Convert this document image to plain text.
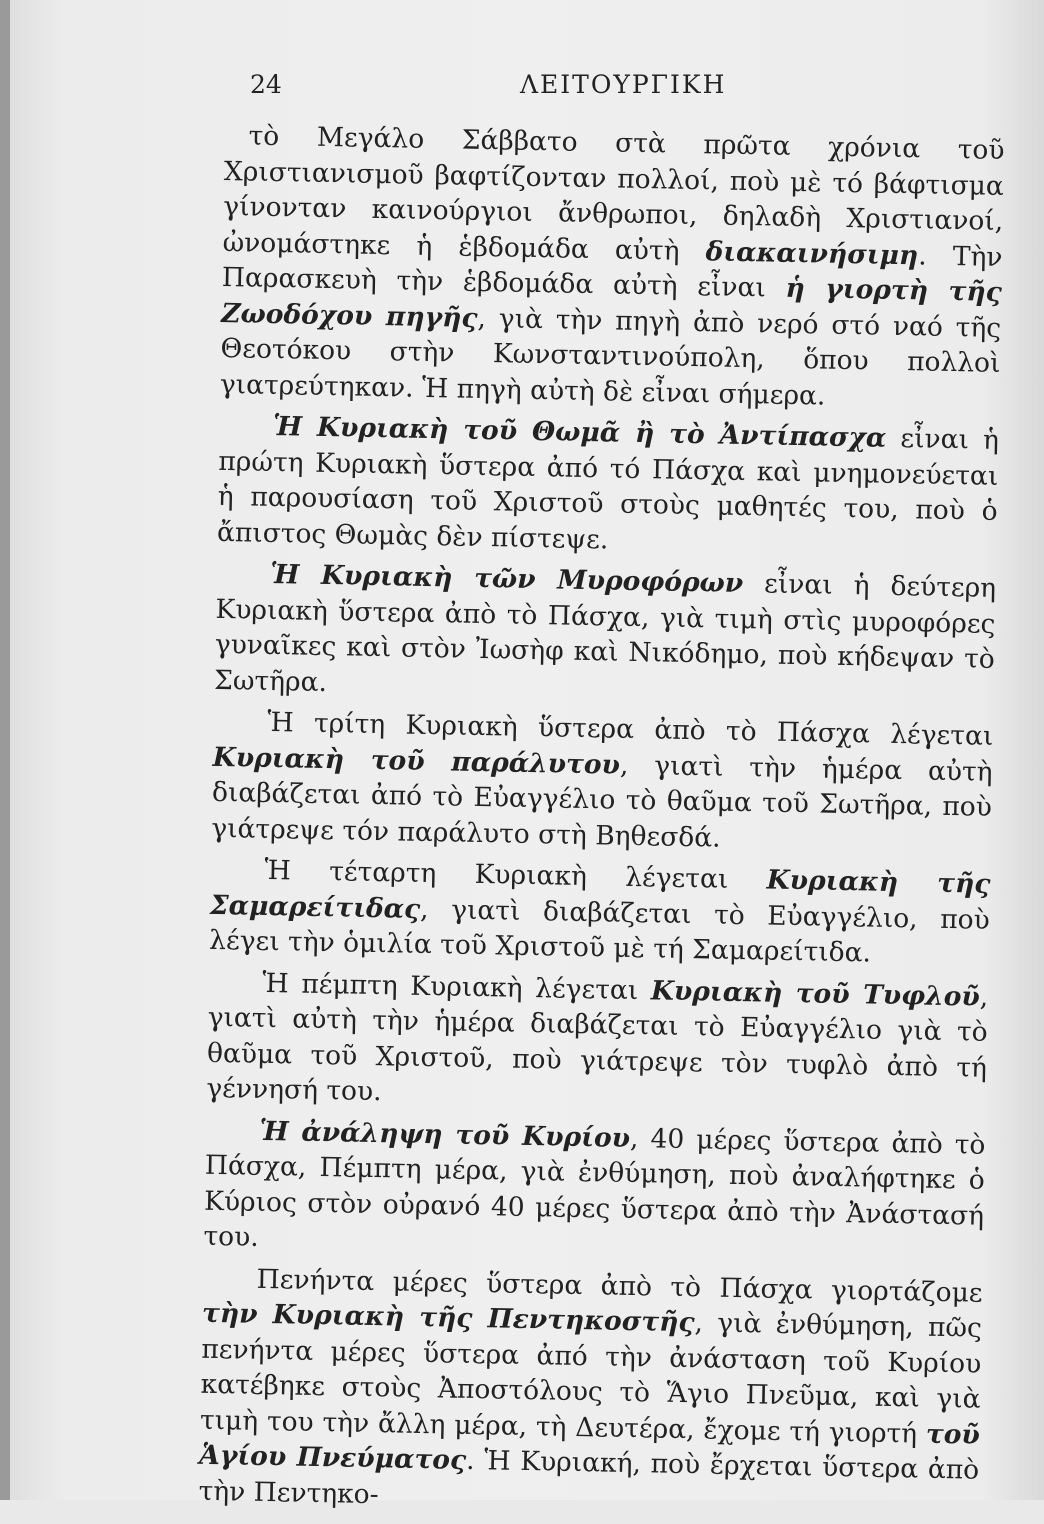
24	ΛΕΙΤΟΥΡΓΙΚΗ

τὸ Μεγάλο Σάββατο στὰ πρῶτα χρόνια τοῦ Χριστιανισμοῦ βαφτίζονταν πολλοί, ποὺ μὲ τό βάφτισμα γίνονταν καινούργιοι ἄνθρωποι, δηλαδὴ Χριστιανοί, ὠνομάστηκε ἡ ἑβδομάδα αὐτὴ διακαινήσιμη. Τὴν Παρασκευὴ τὴν ἑβδομάδα αὐτὴ εἶναι ἡ γιορτὴ τῆς Ζωοδόχου πηγῆς, γιὰ τὴν πηγὴ ἀπὸ νερό στό ναό τῆς Θεοτόκου στὴν Κωνσταντινούπολη, ὅπου πολλοὶ γιατρεύτηκαν. Ἡ πηγὴ αὐτὴ δὲ εἶναι σήμερα.

Ἡ Κυριακὴ τοῦ Θωμᾶ ἢ τὸ Ἀντίπασχα εἶναι ἡ πρώτη Κυριακὴ ὕστερα ἀπό τό Πάσχα καὶ μνημονεύεται ἡ παρουσίαση τοῦ Χριστοῦ στοὺς μαθητές του, ποὺ ὁ ἄπιστος Θωμὰς δὲν πίστεψε.

Ἡ Κυριακὴ τῶν Μυροφόρων εἶναι ἡ δεύτερη Κυριακὴ ὕστερα ἀπὸ τὸ Πάσχα, γιὰ τιμὴ στὶς μυροφόρες γυναῖκες καὶ στὸν Ἰωσὴφ καὶ Νικόδημο, ποὺ κήδεψαν τὸ Σωτῆρα.

Ἡ τρίτη Κυριακὴ ὕστερα ἀπὸ τὸ Πάσχα λέγεται Κυριακὴ τοῦ παράλυτου, γιατὶ τὴν ἡμέρα αὐτὴ διαβάζεται ἀπό τὸ Εὐαγγέλιο τὸ θαῦμα τοῦ Σωτῆρα, ποὺ γιάτρεψε τόν παράλυτο στὴ Βηθεσδά.

Ἡ τέταρτη Κυριακὴ λέγεται Κυριακὴ τῆς Σαμαρείτιδας, γιατὶ διαβάζεται τὸ Εὐαγγέλιο, ποὺ λέγει τὴν ὁμιλία τοῦ Χριστοῦ μὲ τή Σαμαρείτιδα.

Ἡ πέμπτη Κυριακὴ λέγεται Κυριακὴ τοῦ Τυφλοῦ, γιατὶ αὐτὴ τὴν ἡμέρα διαβάζεται τὸ Εὐαγγέλιο γιὰ τὸ θαῦμα τοῦ Χριστοῦ, ποὺ γιάτρεψε τὸν τυφλὸ ἀπὸ τή γέννησή του.

Ἡ ἀνάληψη τοῦ Κυρίου, 40 μέρες ὕστερα ἀπὸ τὸ Πάσχα, Πέμπτη μέρα, γιὰ ἐνθύμηση, ποὺ ἀναλήφτηκε ὁ Κύριος στὸν οὐρανό 40 μέρες ὕστερα ἀπὸ τὴν Ἀνάστασή του.

Πενήντα μέρες ὕστερα ἀπὸ τὸ Πάσχα γιορτάζομε τὴν Κυριακὴ τῆς Πεντηκοστῆς, γιὰ ἐνθύμηση, πῶς πενήντα μέρες ὕστερα ἀπό τὴν ἀνάσταση τοῦ Κυρίου κατέβηκε στοὺς Ἀποστόλους τὸ Ἅγιο Πνεῦμα, καὶ γιὰ τιμὴ του τὴν ἄλλη μέρα, τὴ Δευτέρα, ἔχομε τή γιορτή τοῦ Ἁγίου Πνεύματος. Ἡ Κυριακή, ποὺ ἔρχεται ὕστερα ἀπὸ τὴν Πεντηκο-
